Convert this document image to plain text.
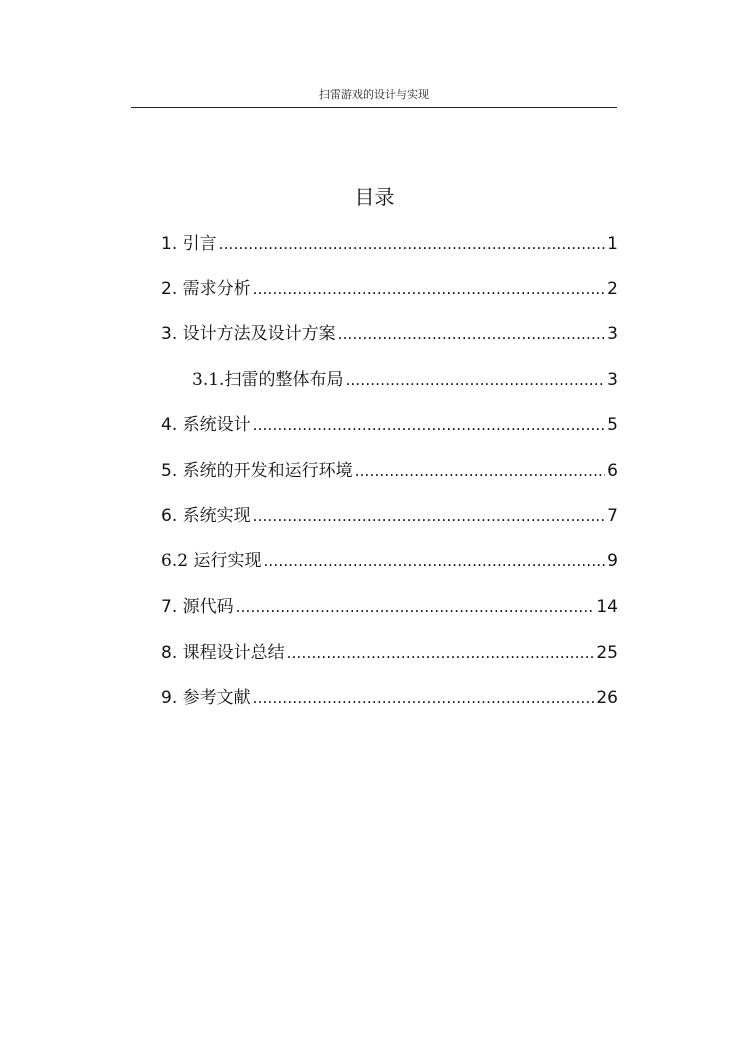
扫雷游戏的设计与实现
目录
1. 引言 .....	1
2. 需求分析 .....	2
3. 设计方法及设计方案 .....	3
3.1.扫雷的整体布局 .....	3
4. 系统设计 .....	5
5. 系统的开发和运行环境 .....	6
6. 系统实现 .....	7
6.2 运行实现 .....	9
7. 源代码 .....	14
8. 课程设计总结 .....	25
9. 参考文献 .....	26
